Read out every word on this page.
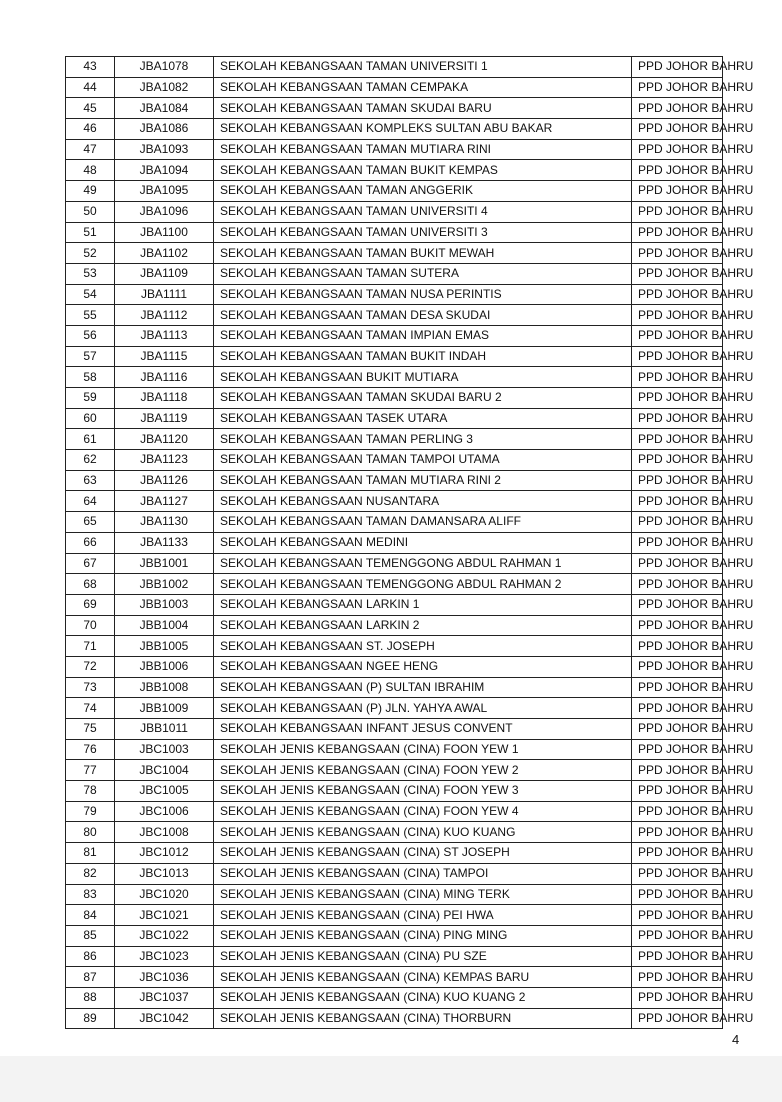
43	JBA1078	SEKOLAH KEBANGSAAN TAMAN UNIVERSITI 1	PPD JOHOR BAHRU
44	JBA1082	SEKOLAH KEBANGSAAN TAMAN CEMPAKA	PPD JOHOR BAHRU
45	JBA1084	SEKOLAH KEBANGSAAN TAMAN SKUDAI BARU	PPD JOHOR BAHRU
46	JBA1086	SEKOLAH KEBANGSAAN KOMPLEKS SULTAN ABU BAKAR	PPD JOHOR BAHRU
47	JBA1093	SEKOLAH KEBANGSAAN TAMAN MUTIARA RINI	PPD JOHOR BAHRU
48	JBA1094	SEKOLAH KEBANGSAAN TAMAN BUKIT KEMPAS	PPD JOHOR BAHRU
49	JBA1095	SEKOLAH KEBANGSAAN TAMAN ANGGERIK	PPD JOHOR BAHRU
50	JBA1096	SEKOLAH KEBANGSAAN TAMAN UNIVERSITI 4	PPD JOHOR BAHRU
51	JBA1100	SEKOLAH KEBANGSAAN TAMAN UNIVERSITI 3	PPD JOHOR BAHRU
52	JBA1102	SEKOLAH KEBANGSAAN TAMAN BUKIT MEWAH	PPD JOHOR BAHRU
53	JBA1109	SEKOLAH KEBANGSAAN TAMAN SUTERA	PPD JOHOR BAHRU
54	JBA1111	SEKOLAH KEBANGSAAN TAMAN NUSA PERINTIS	PPD JOHOR BAHRU
55	JBA1112	SEKOLAH KEBANGSAAN TAMAN DESA SKUDAI	PPD JOHOR BAHRU
56	JBA1113	SEKOLAH KEBANGSAAN TAMAN IMPIAN EMAS	PPD JOHOR BAHRU
57	JBA1115	SEKOLAH KEBANGSAAN TAMAN BUKIT INDAH	PPD JOHOR BAHRU
58	JBA1116	SEKOLAH KEBANGSAAN BUKIT MUTIARA	PPD JOHOR BAHRU
59	JBA1118	SEKOLAH KEBANGSAAN TAMAN SKUDAI BARU 2	PPD JOHOR BAHRU
60	JBA1119	SEKOLAH KEBANGSAAN TASEK UTARA	PPD JOHOR BAHRU
61	JBA1120	SEKOLAH KEBANGSAAN TAMAN PERLING 3	PPD JOHOR BAHRU
62	JBA1123	SEKOLAH KEBANGSAAN TAMAN TAMPOI UTAMA	PPD JOHOR BAHRU
63	JBA1126	SEKOLAH KEBANGSAAN TAMAN MUTIARA RINI 2	PPD JOHOR BAHRU
64	JBA1127	SEKOLAH KEBANGSAAN NUSANTARA	PPD JOHOR BAHRU
65	JBA1130	SEKOLAH KEBANGSAAN TAMAN DAMANSARA ALIFF	PPD JOHOR BAHRU
66	JBA1133	SEKOLAH KEBANGSAAN MEDINI	PPD JOHOR BAHRU
67	JBB1001	SEKOLAH KEBANGSAAN TEMENGGONG ABDUL RAHMAN 1	PPD JOHOR BAHRU
68	JBB1002	SEKOLAH KEBANGSAAN TEMENGGONG ABDUL RAHMAN 2	PPD JOHOR BAHRU
69	JBB1003	SEKOLAH KEBANGSAAN LARKIN 1	PPD JOHOR BAHRU
70	JBB1004	SEKOLAH KEBANGSAAN LARKIN 2	PPD JOHOR BAHRU
71	JBB1005	SEKOLAH KEBANGSAAN ST. JOSEPH	PPD JOHOR BAHRU
72	JBB1006	SEKOLAH KEBANGSAAN NGEE HENG	PPD JOHOR BAHRU
73	JBB1008	SEKOLAH KEBANGSAAN (P) SULTAN IBRAHIM	PPD JOHOR BAHRU
74	JBB1009	SEKOLAH KEBANGSAAN (P) JLN. YAHYA AWAL	PPD JOHOR BAHRU
75	JBB1011	SEKOLAH KEBANGSAAN INFANT JESUS CONVENT	PPD JOHOR BAHRU
76	JBC1003	SEKOLAH JENIS KEBANGSAAN (CINA) FOON YEW 1	PPD JOHOR BAHRU
77	JBC1004	SEKOLAH JENIS KEBANGSAAN (CINA) FOON YEW 2	PPD JOHOR BAHRU
78	JBC1005	SEKOLAH JENIS KEBANGSAAN (CINA) FOON YEW 3	PPD JOHOR BAHRU
79	JBC1006	SEKOLAH JENIS KEBANGSAAN (CINA) FOON YEW 4	PPD JOHOR BAHRU
80	JBC1008	SEKOLAH JENIS KEBANGSAAN (CINA) KUO KUANG	PPD JOHOR BAHRU
81	JBC1012	SEKOLAH JENIS KEBANGSAAN (CINA) ST JOSEPH	PPD JOHOR BAHRU
82	JBC1013	SEKOLAH JENIS KEBANGSAAN (CINA) TAMPOI	PPD JOHOR BAHRU
83	JBC1020	SEKOLAH JENIS KEBANGSAAN (CINA) MING TERK	PPD JOHOR BAHRU
84	JBC1021	SEKOLAH JENIS KEBANGSAAN (CINA) PEI HWA	PPD JOHOR BAHRU
85	JBC1022	SEKOLAH JENIS KEBANGSAAN (CINA) PING MING	PPD JOHOR BAHRU
86	JBC1023	SEKOLAH JENIS KEBANGSAAN (CINA) PU SZE	PPD JOHOR BAHRU
87	JBC1036	SEKOLAH JENIS KEBANGSAAN (CINA) KEMPAS BARU	PPD JOHOR BAHRU
88	JBC1037	SEKOLAH JENIS KEBANGSAAN (CINA) KUO KUANG 2	PPD JOHOR BAHRU
89	JBC1042	SEKOLAH JENIS KEBANGSAAN (CINA) THORBURN	PPD JOHOR BAHRU
4
